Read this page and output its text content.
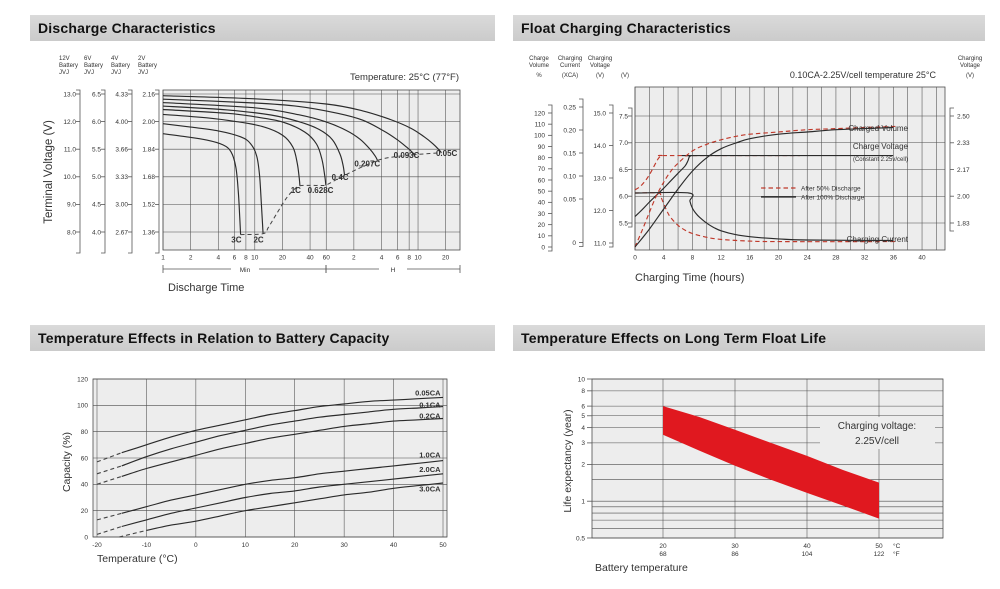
Discharge Characteristics
12V
Battery
JVJ
13.0
12.0
11.0
10.0
9.0
8.0
6V
Battery
JVJ
6.5
6.0
5.5
5.0
4.5
4.0
4V
Battery
JVJ
4.33
4.00
3.66
3.33
3.00
2.67
2V
Battery
JVJ
2.16
2.00
1.84
1.68
1.52
1.36
0.05C
0.093C
0.207C
0.4C
0.628C
1C
2C
3C
1	2	4 6 8 10	20	40 60	2	4 6 8 10	20
Min	H
Discharge Time
Terminal Voltage (V)
Temperature: 25°C (77°F)
Float Charging Characteristics
Charge
Volume
%
120
110
100
90
80
70
60
50
40
30
20
10
0
Charging
Current
(XCA)
0.25
0.20
0.15
0.10
0.05
0
Charging
Voltage
(V)
15.0
14.0
13.0
12.0
11.0
(V)
7.5
7.0
6.5
6.0
5.5
Charging
Voltage
(V)
2.50
2.33
2.17
2.00
1.83
Charged Volume
Charge Voltage
(Constant 2.25v/cell)
Charging Current
After 50% Discharge
After 100% Discharge
0	4	8	12	16	20	24	28	32	36	40
Charging Time (hours)
0.10CA-2.25V/cell temperature 25°C
Temperature Effects in Relation to Battery Capacity
0.05CA
0.1CA
0.2CA
1.0CA
2.0CA
3.0CA
0
20
40
60
80
100
120
-20	-10	0	10	20	30	40	50
Capacity (%)
Temperature (°C)
Temperature Effects on Long Term Float Life
Charging voltage:
2.25V/cell
10
8
6
5
4
3
2
1
0.5
20
68
30
86
40
104
50
122
°C
°F
Life expectancy (year)
Battery temperature
